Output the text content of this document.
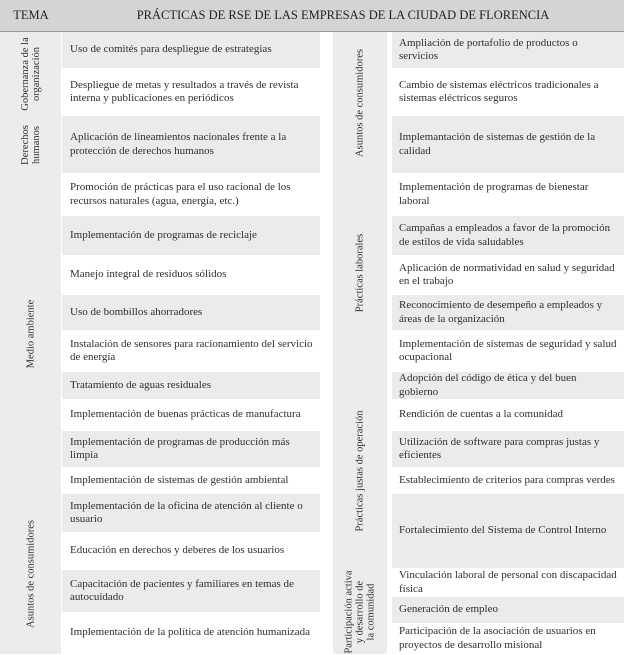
TEMA	PRÁCTICAS DE RSE DE LAS EMPRESAS DE LA CIUDAD DE FLORENCIA
Gobernanza de la organización
Derechos humanos
Medio ambiente
Asuntos de consumidores
Uso de comités para despliegue de estrategias
Despliegue de metas y resultados a través de revista interna y publicaciones en periódicos
Aplicación de lineamientos nacionales frente a la protección de derechos humanos
Promoción de prácticas para el uso racional de los recursos naturales (agua, energía, etc.)
Implementación de programas de reciclaje
Manejo integral de residuos sólidos
Uso de bombillos ahorradores
Instalación de sensores para racionamiento del servicio de energía
Tratamiento de aguas residuales
Implementación de buenas prácticas de manufactura
Implementación de programas de producción más limpia
Implementación de sistemas de gestión ambiental
Implementación de la oficina de atención al cliente o usuario
Educación en derechos y deberes de los usuarios
Capacitación de pacientes y familiares en temas de autocuidado
Implementación de la política de atención humanizada
Asuntos de consumidores
Prácticas laborales
Prácticas justas de operación
Participación activa y desarrollo de la comunidad
Ampliación de portafolio de productos o servicios
Cambio de sistemas eléctricos tradicionales a sistemas eléctricos seguros
Implemantación de sistemas de gestión de la calidad
Implementación de programas de bienestar laboral
Campañas a empleados a favor de la promoción de estilos de vida saludables
Aplicación de normatividad en salud y seguridad en el trabajo
Reconocimiento de desempeño a empleados y áreas de la organización
Implementación de sistemas de seguridad y salud ocupacional
Adopción del código de ética y del buen gobierno
Rendición de cuentas a la comunidad
Utilización de software para compras justas y eficientes
Establecimiento de criterios para compras verdes
Fortalecimiento del Sistema de Control Interno
Vinculación laboral de personal con discapacidad física
Generación de empleo
Participación de la asociación de usuarios en proyectos de desarrollo misional
